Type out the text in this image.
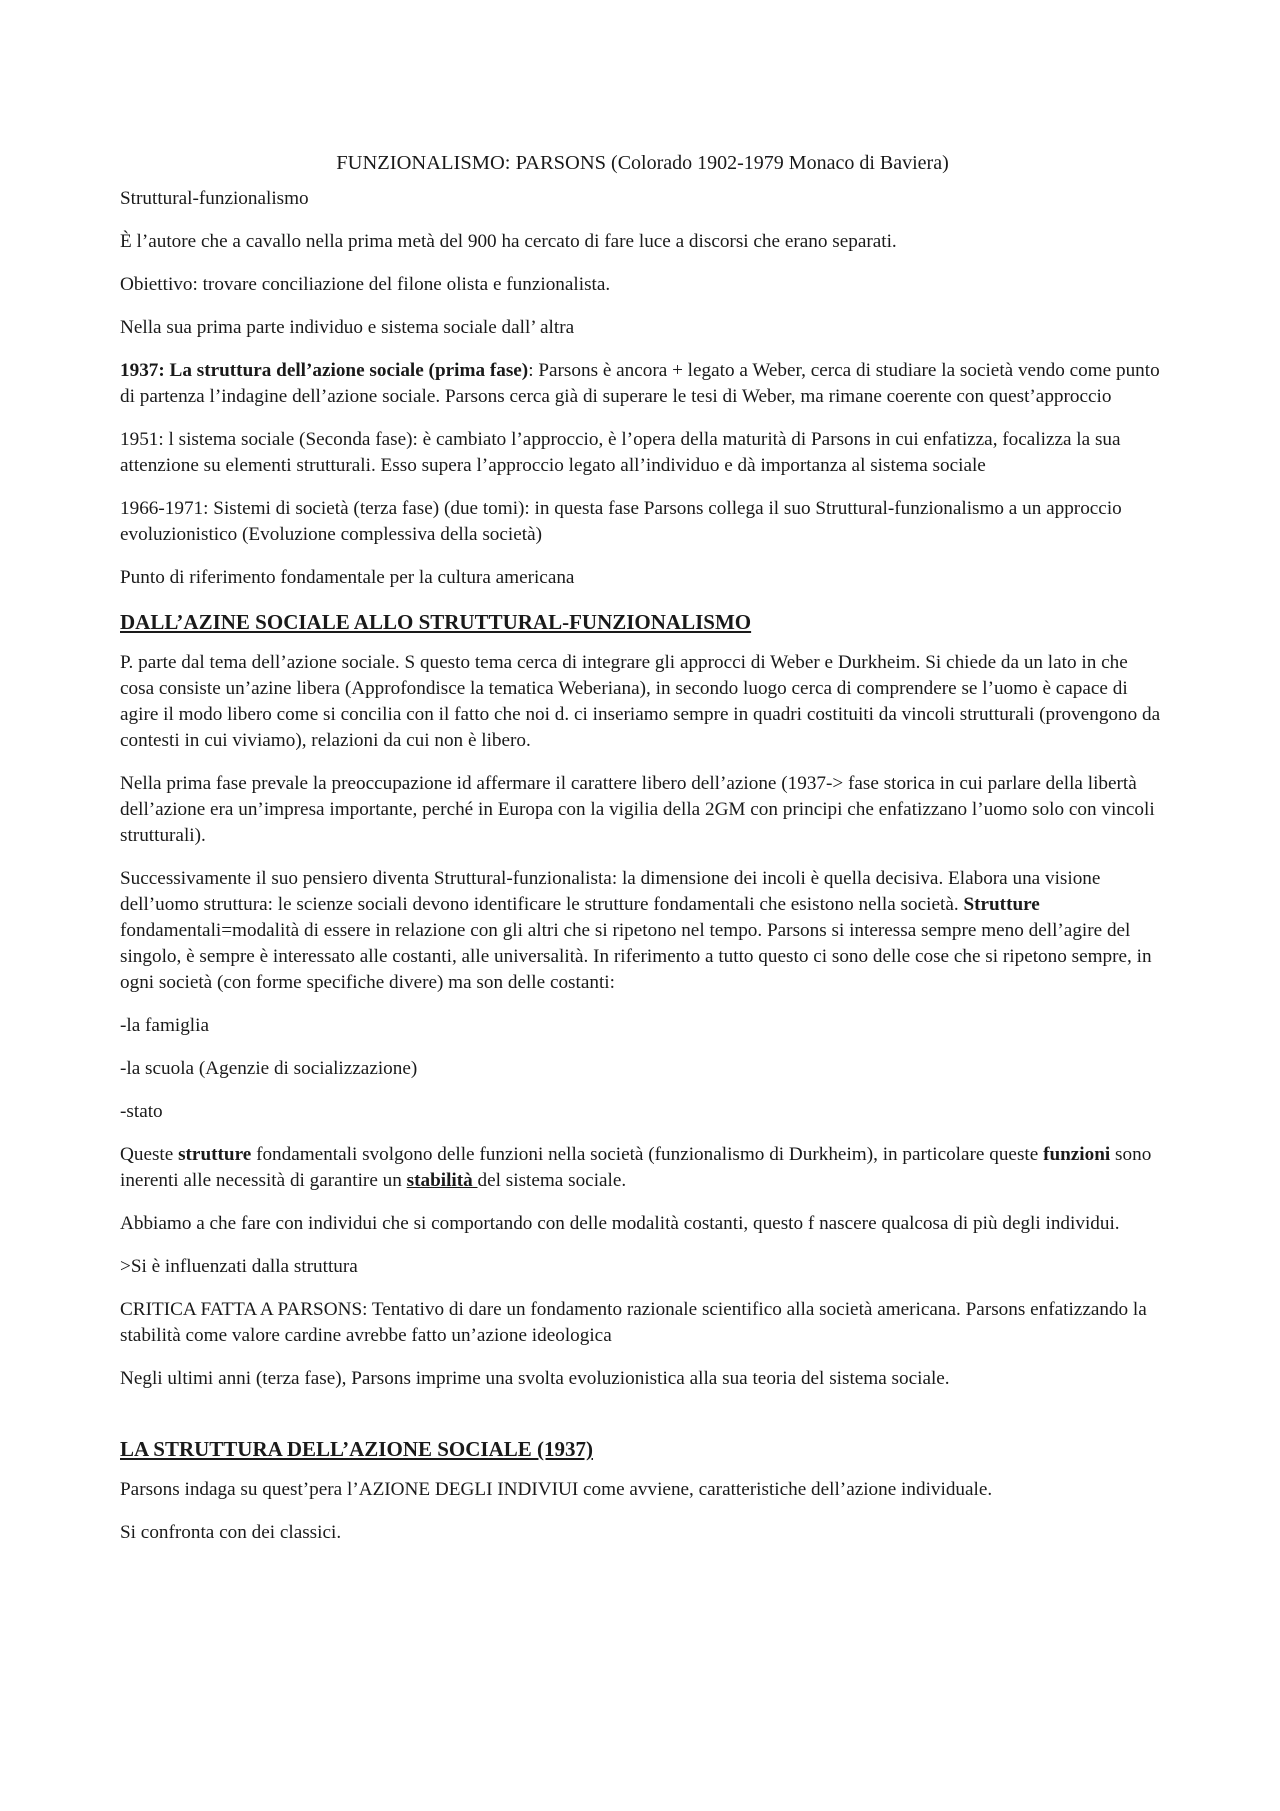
FUNZIONALISMO: PARSONS (Colorado 1902-1979 Monaco di Baviera)

Struttural-funzionalismo

È l’autore che a cavallo nella prima metà del 900 ha cercato di fare luce a discorsi che erano separati.

Obiettivo: trovare conciliazione del filone olista e funzionalista.

Nella sua prima parte individuo e sistema sociale dall’ altra

1937: La struttura dell’azione sociale (prima fase): Parsons è ancora + legato a Weber, cerca di studiare la società vendo come punto di partenza l’indagine dell’azione sociale. Parsons cerca già di superare le tesi di Weber, ma rimane coerente con quest’approccio

1951: l sistema sociale (Seconda fase): è cambiato l’approccio, è l’opera della maturità di Parsons in cui enfatizza, focalizza la sua attenzione su elementi strutturali. Esso supera l’approccio legato all’individuo e dà importanza al sistema sociale

1966-1971: Sistemi di società (terza fase) (due tomi): in questa fase Parsons collega il suo Struttural-funzionalismo a un approccio evoluzionistico (Evoluzione complessiva della società)

Punto di riferimento fondamentale per la cultura americana

DALL’AZINE SOCIALE ALLO STRUTTURAL-FUNZIONALISMO

P. parte dal tema dell’azione sociale. S questo tema cerca di integrare gli approcci di Weber e Durkheim. Si chiede da un lato in che cosa consiste un’azine libera (Approfondisce la tematica Weberiana), in secondo luogo cerca di comprendere se l’uomo è capace di agire il modo libero come si concilia con il fatto che noi d. ci inseriamo sempre in quadri costituiti da vincoli strutturali (provengono da contesti in cui viviamo), relazioni da cui non è libero.

Nella prima fase prevale la preoccupazione id affermare il carattere libero dell’azione (1937-> fase storica in cui parlare della libertà dell’azione era un’impresa importante, perché in Europa con la vigilia della 2GM con principi che enfatizzano l’uomo solo con vincoli strutturali).

Successivamente il suo pensiero diventa Struttural-funzionalista: la dimensione dei incoli è quella decisiva. Elabora una visione dell’uomo struttura: le scienze sociali devono identificare le strutture fondamentali che esistono nella società. Strutture fondamentali=modalità di essere in relazione con gli altri che si ripetono nel tempo. Parsons si interessa sempre meno dell’agire del singolo, è sempre è interessato alle costanti, alle universalità. In riferimento a tutto questo ci sono delle cose che si ripetono sempre, in ogni società (con forme specifiche divere) ma son delle costanti:

-la famiglia

-la scuola (Agenzie di socializzazione)

-stato

Queste strutture fondamentali svolgono delle funzioni nella società (funzionalismo di Durkheim), in particolare queste funzioni sono inerenti alle necessità di garantire un stabilità del sistema sociale.

Abbiamo a che fare con individui che si comportando con delle modalità costanti, questo f nascere qualcosa di più degli individui.

>Si è influenzati dalla struttura

CRITICA FATTA A PARSONS: Tentativo di dare un fondamento razionale scientifico alla società americana. Parsons enfatizzando la stabilità come valore cardine avrebbe fatto un’azione ideologica

Negli ultimi anni (terza fase), Parsons imprime una svolta evoluzionistica alla sua teoria del sistema sociale.

LA STRUTTURA DELL’AZIONE SOCIALE (1937)

Parsons indaga su quest’pera l’AZIONE DEGLI INDIVIUI come avviene, caratteristiche dell’azione individuale.

Si confronta con dei classici.
